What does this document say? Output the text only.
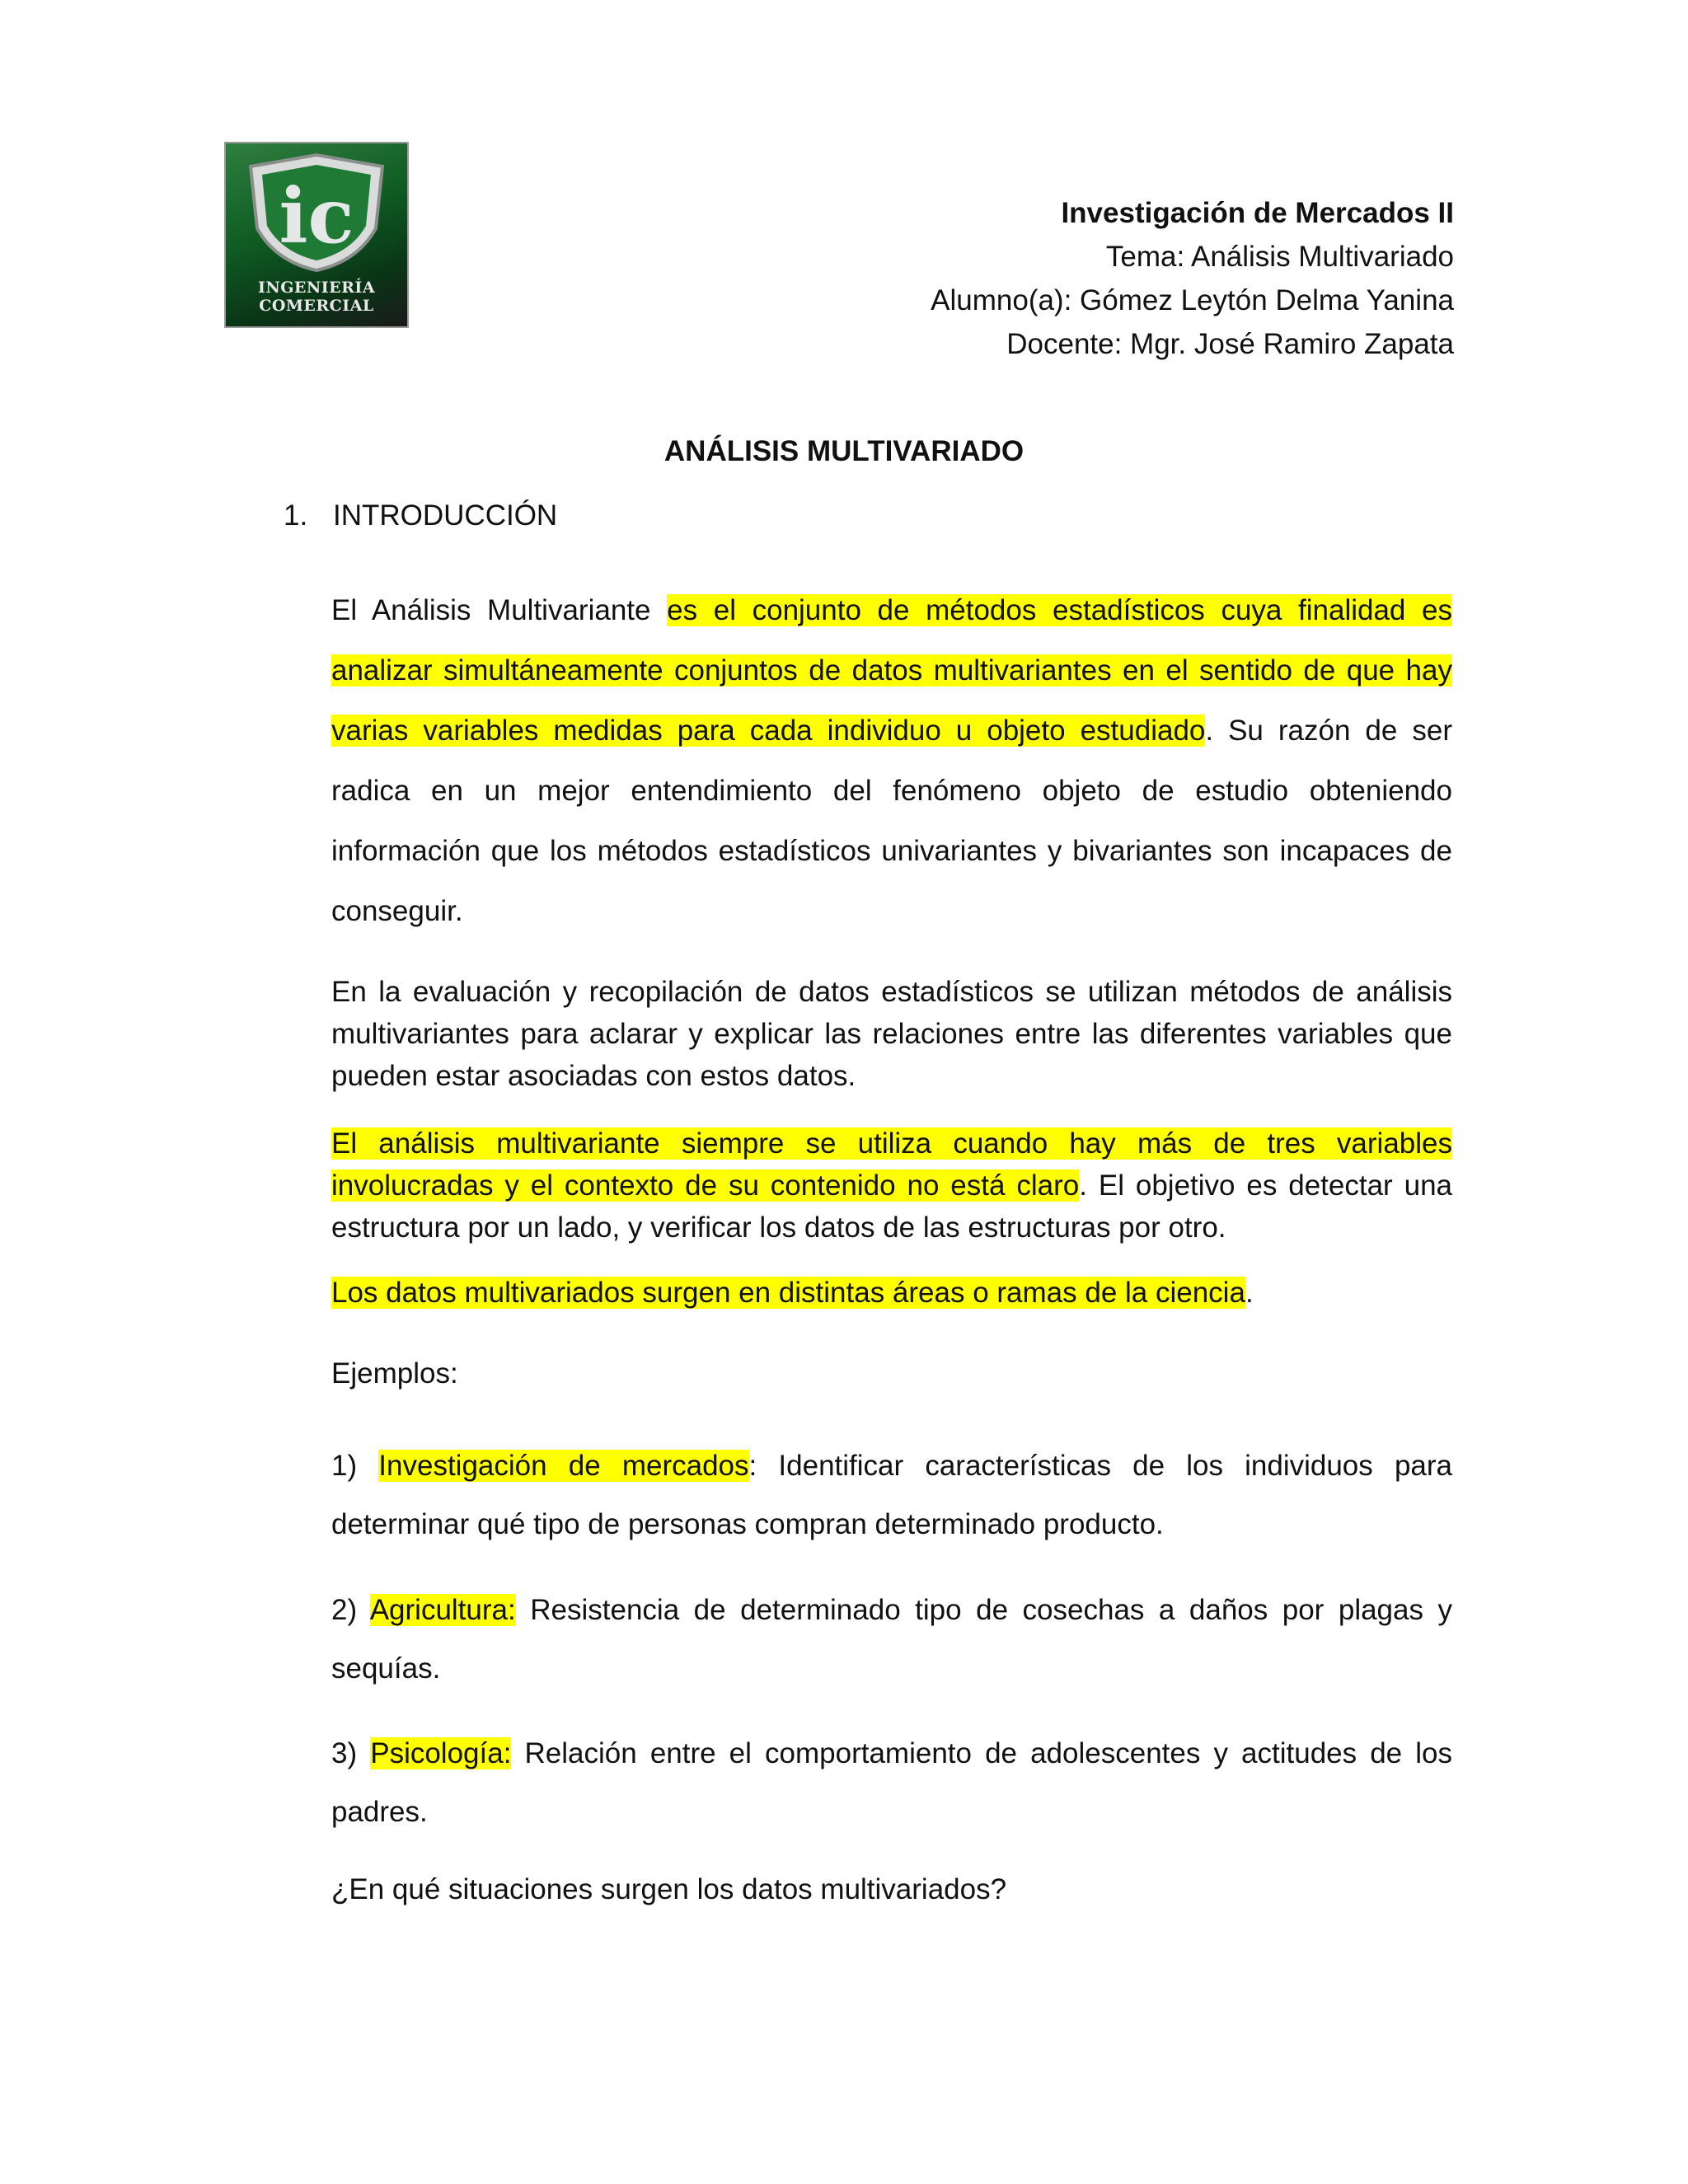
ic
INGENIERÍA
COMERCIAL
Investigación de Mercados II
Tema: Análisis Multivariado
Alumno(a): Gómez Leytón Delma Yanina
Docente: Mgr. José Ramiro Zapata
ANÁLISIS MULTIVARIADO
1. INTRODUCCIÓN
El Análisis Multivariante es el conjunto de métodos estadísticos cuya finalidad es analizar simultáneamente conjuntos de datos multivariantes en el sentido de que hay varias variables medidas para cada individuo u objeto estudiado. Su razón de ser radica en un mejor entendimiento del fenómeno objeto de estudio obteniendo información que los métodos estadísticos univariantes y bivariantes son incapaces de conseguir.
En la evaluación y recopilación de datos estadísticos se utilizan métodos de análisis multivariantes para aclarar y explicar las relaciones entre las diferentes variables que pueden estar asociadas con estos datos.
El análisis multivariante siempre se utiliza cuando hay más de tres variables involucradas y el contexto de su contenido no está claro. El objetivo es detectar una estructura por un lado, y verificar los datos de las estructuras por otro.
Los datos multivariados surgen en distintas áreas o ramas de la ciencia.
Ejemplos:
1) Investigación de mercados: Identificar características de los individuos para determinar qué tipo de personas compran determinado producto.
2) Agricultura: Resistencia de determinado tipo de cosechas a daños por plagas y sequías.
3) Psicología: Relación entre el comportamiento de adolescentes y actitudes de los padres.
¿En qué situaciones surgen los datos multivariados?
